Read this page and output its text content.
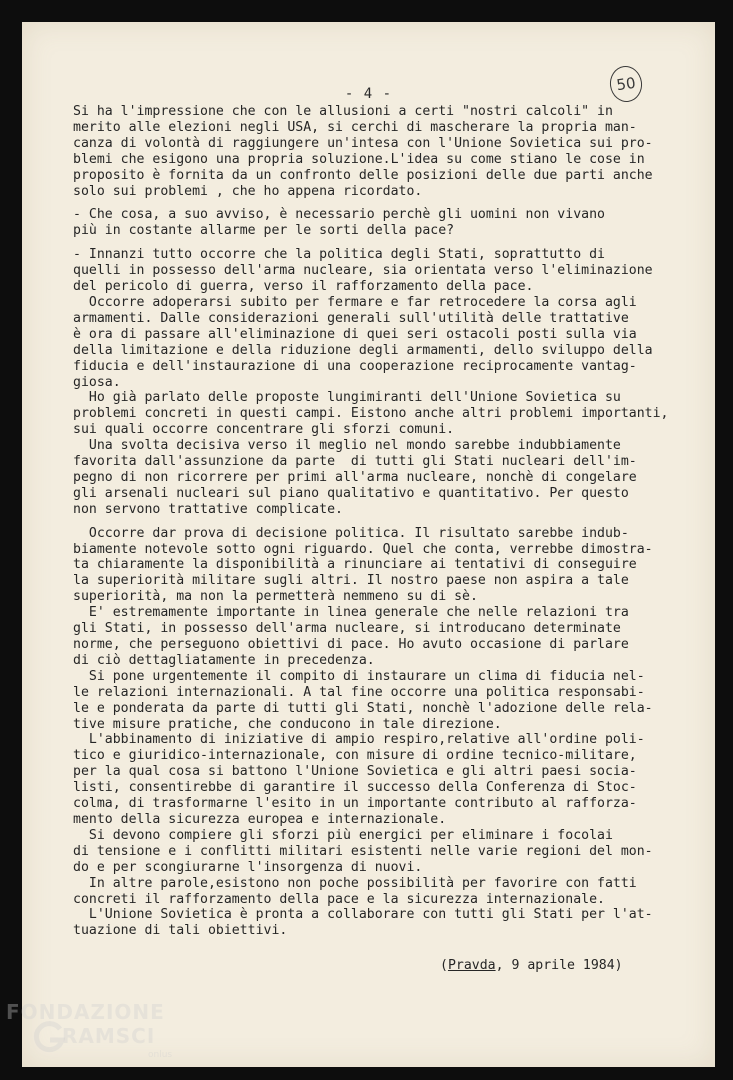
- 4 -	50
Si ha l'impressione che con le allusioni a certi "nostri calcoli" in
merito alle elezioni negli USA, si cerchi di mascherare la propria man-
canza di volontà di raggiungere un'intesa con l'Unione Sovietica sui pro-
blemi che esigono una propria soluzione.L'idea su come stiano le cose in
proposito è fornita da un confronto delle posizioni delle due parti anche
solo sui problemi , che ho appena ricordato.
- Che cosa, a suo avviso, è necessario perchè gli uomini non vivano
più in costante allarme per le sorti della pace?
- Innanzi tutto occorre che la politica degli Stati, soprattutto di
quelli in possesso dell'arma nucleare, sia orientata verso l'eliminazione
del pericolo di guerra, verso il rafforzamento della pace.
Occorre adoperarsi subito per fermare e far retrocedere la corsa agli
armamenti. Dalle considerazioni generali sull'utilità delle trattative
è ora di passare all'eliminazione di quei seri ostacoli posti sulla via
della limitazione e della riduzione degli armamenti, dello sviluppo della
fiducia e dell'instaurazione di una cooperazione reciprocamente vantag-
giosa.
Ho già parlato delle proposte lungimiranti dell'Unione Sovietica su
problemi concreti in questi campi. Eistono anche altri problemi importanti,
sui quali occorre concentrare gli sforzi comuni.
Una svolta decisiva verso il meglio nel mondo sarebbe indubbiamente
favorita dall'assunzione da parte  di tutti gli Stati nucleari dell'im-
pegno di non ricorrere per primi all'arma nucleare, nonchè di congelare
gli arsenali nucleari sul piano qualitativo e quantitativo. Per questo
non servono trattative complicate.
Occorre dar prova di decisione politica. Il risultato sarebbe indub-
biamente notevole sotto ogni riguardo. Quel che conta, verrebbe dimostra-
ta chiaramente la disponibilità a rinunciare ai tentativi di conseguire
la superiorità militare sugli altri. Il nostro paese non aspira a tale
superiorità, ma non la permetterà nemmeno su di sè.
E' estremamente importante in linea generale che nelle relazioni tra
gli Stati, in possesso dell'arma nucleare, si introducano determinate
norme, che perseguono obiettivi di pace. Ho avuto occasione di parlare
di ciò dettagliatamente in precedenza.
Si pone urgentemente il compito di instaurare un clima di fiducia nel-
le relazioni internazionali. A tal fine occorre una politica responsabi-
le e ponderata da parte di tutti gli Stati, nonchè l'adozione delle rela-
tive misure pratiche, che conducono in tale direzione.
L'abbinamento di iniziative di ampio respiro,relative all'ordine poli-
tico e giuridico-internazionale, con misure di ordine tecnico-militare,
per la qual cosa si battono l'Unione Sovietica e gli altri paesi socia-
listi, consentirebbe di garantire il successo della Conferenza di Stoc-
colma, di trasformarne l'esito in un importante contributo al rafforza-
mento della sicurezza europea e internazionale.
Si devono compiere gli sforzi più energici per eliminare i focolai
di tensione e i conflitti militari esistenti nelle varie regioni del mon-
do e per scongiurarne l'insorgenza di nuovi.
In altre parole,esistono non poche possibilità per favorire con fatti
concreti il rafforzamento della pace e la sicurezza internazionale.
L'Unione Sovietica è pronta a collaborare con tutti gli Stati per l'at-
tuazione di tali obiettivi.
(Pravda, 9 aprile 1984)
FONDAZIONE
RAMSCI
onlus
